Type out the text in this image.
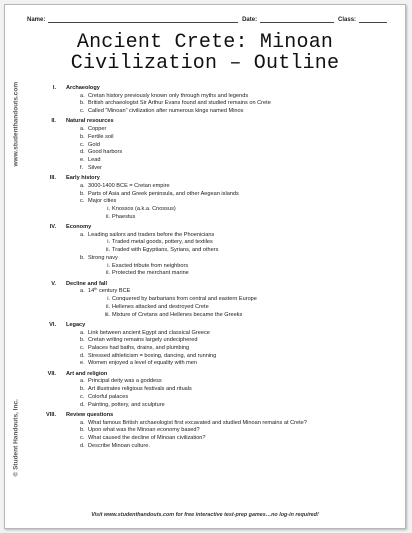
Name:	Date:	Class:
Ancient Crete: Minoan
Civilization – Outline
www.studenthandouts.com
© Student Handouts, Inc.
I. Archaeology
a. Cretan history previously known only through myths and legends
b. British archaeologist Sir Arthur Evans found and studied remains on Crete
c. Called “Minoan” civilization after numerous kings named Minos
II. Natural resources
a. Copper
b. Fertile soil
c. Gold
d. Good harbors
e. Lead
f. Silver
III. Early history
a. 3000-1400 BCE = Cretan empire
b. Parts of Asia and Greek peninsula, and other Aegean islands
c. Major cities
i. Knossos (a.k.a. Cnossus)
ii. Phaestus
IV. Economy
a. Leading sailors and traders before the Phoenicians
i. Traded metal goods, pottery, and textiles
ii. Traded with Egyptians, Syrians, and others
b. Strong navy
i. Exacted tribute from neighbors
ii. Protected the merchant marine
V. Decline and fall
a. 14th century BCE
i. Conquered by barbarians from central and eastern Europe
ii. Hellenes attacked and destroyed Crete
iii. Mixture of Cretans and Hellenes became the Greeks
VI. Legacy
a. Link between ancient Egypt and classical Greece
b. Cretan writing remains largely undeciphered
c. Palaces had baths, drains, and plumbing
d. Stressed athleticism = boxing, dancing, and running
e. Women enjoyed a level of equality with men
VII. Art and religion
a. Principal deity was a goddess
b. Art illustrates religious festivals and rituals
c. Colorful palaces
d. Painting, pottery, and sculpture
VIII. Review questions
a. What famous British archaeologist first excavated and studied Minoan remains at Crete?
b. Upon what was the Minoan economy based?
c. What caused the decline of Minoan civilization?
d. Describe Minoan culture.
Visit www.studenthandouts.com for free interactive test-prep games…no log-in required!
